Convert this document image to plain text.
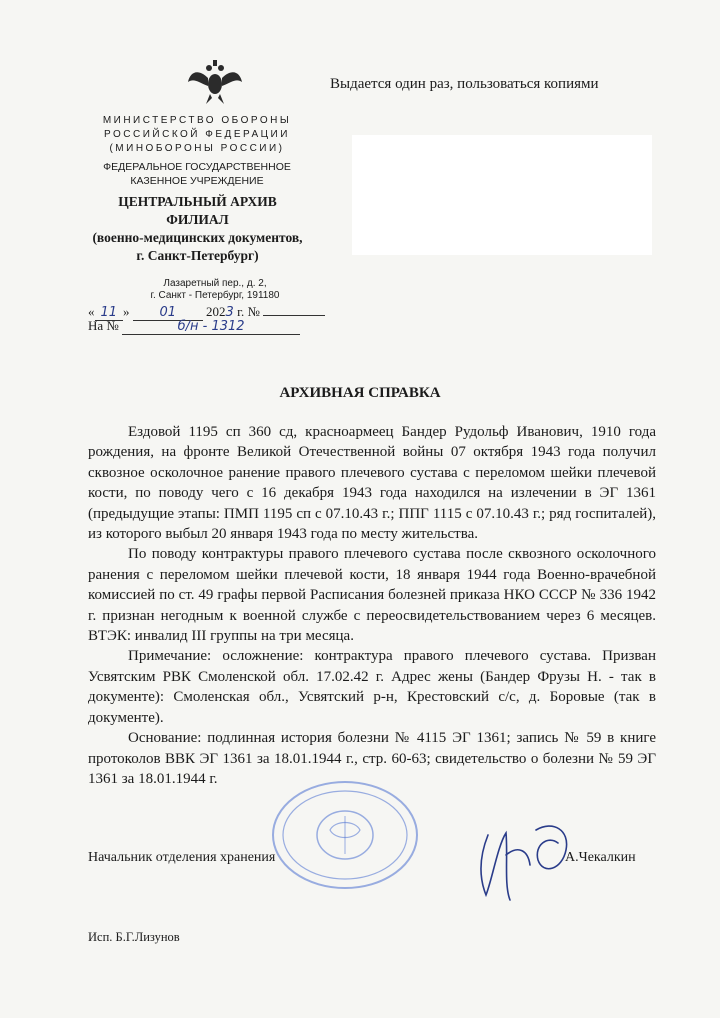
Выдается один раз, пользоваться копиями
МИНИСТЕРСТВО ОБОРОНЫ
РОССИЙСКОЙ ФЕДЕРАЦИИ
(МИНОБОРОНЫ РОССИИ)
ФЕДЕРАЛЬНОЕ ГОСУДАРСТВЕННОЕ
КАЗЕННОЕ УЧРЕЖДЕНИЕ
ЦЕНТРАЛЬНЫЙ АРХИВ
ФИЛИАЛ
(военно-медицинских документов,
г. Санкт-Петербург)
Лазаретный пер., д. 2,
г. Санкт - Петербург, 191180
« 11 » 01 2023 г. №
На №	б/н - 1312
АРХИВНАЯ СПРАВКА

Ездовой 1195 сп 360 сд, красноармеец Бандер Рудольф Иванович, 1910 года рождения, на фронте Великой Отечественной войны 07 октября 1943 года получил сквозное осколочное ранение правого плечевого сустава с переломом шейки плечевой кости, по поводу чего с 16 декабря 1943 года находился на излечении в ЭГ 1361 (предыдущие этапы: ПМП 1195 сп с 07.10.43 г.; ППГ 1115 с 07.10.43 г.; ряд госпиталей), из которого выбыл 20 января 1943 года по месту жительства.

По поводу контрактуры правого плечевого сустава после сквозного осколочного ранения с переломом шейки плечевой кости, 18 января 1944 года Военно-врачебной комиссией по ст. 49 графы первой Расписания болезней приказа НКО СССР № 336 1942 г. признан негодным к военной службе с переосвидетельствованием через 6 месяцев. ВТЭК: инвалид III группы на три месяца.

Примечание: осложнение: контрактура правого плечевого сустава. Призван Усвятским РВК Смоленской обл. 17.02.42 г. Адрес жены (Бандер Фрузы Н. - так в документе): Смоленская обл., Усвятский р-н, Крестовский с/с, д. Боровые (так в документе).

Основание: подлинная история болезни № 4115 ЭГ 1361; запись № 59 в книге протоколов ВВК ЭГ 1361 за 18.01.1944 г., стр. 60-63; свидетельство о болезни № 59 ЭГ 1361 за 18.01.1944 г.

Начальник отделения хранения	А.Чекалкин
Исп. Б.Г.Лизунов
